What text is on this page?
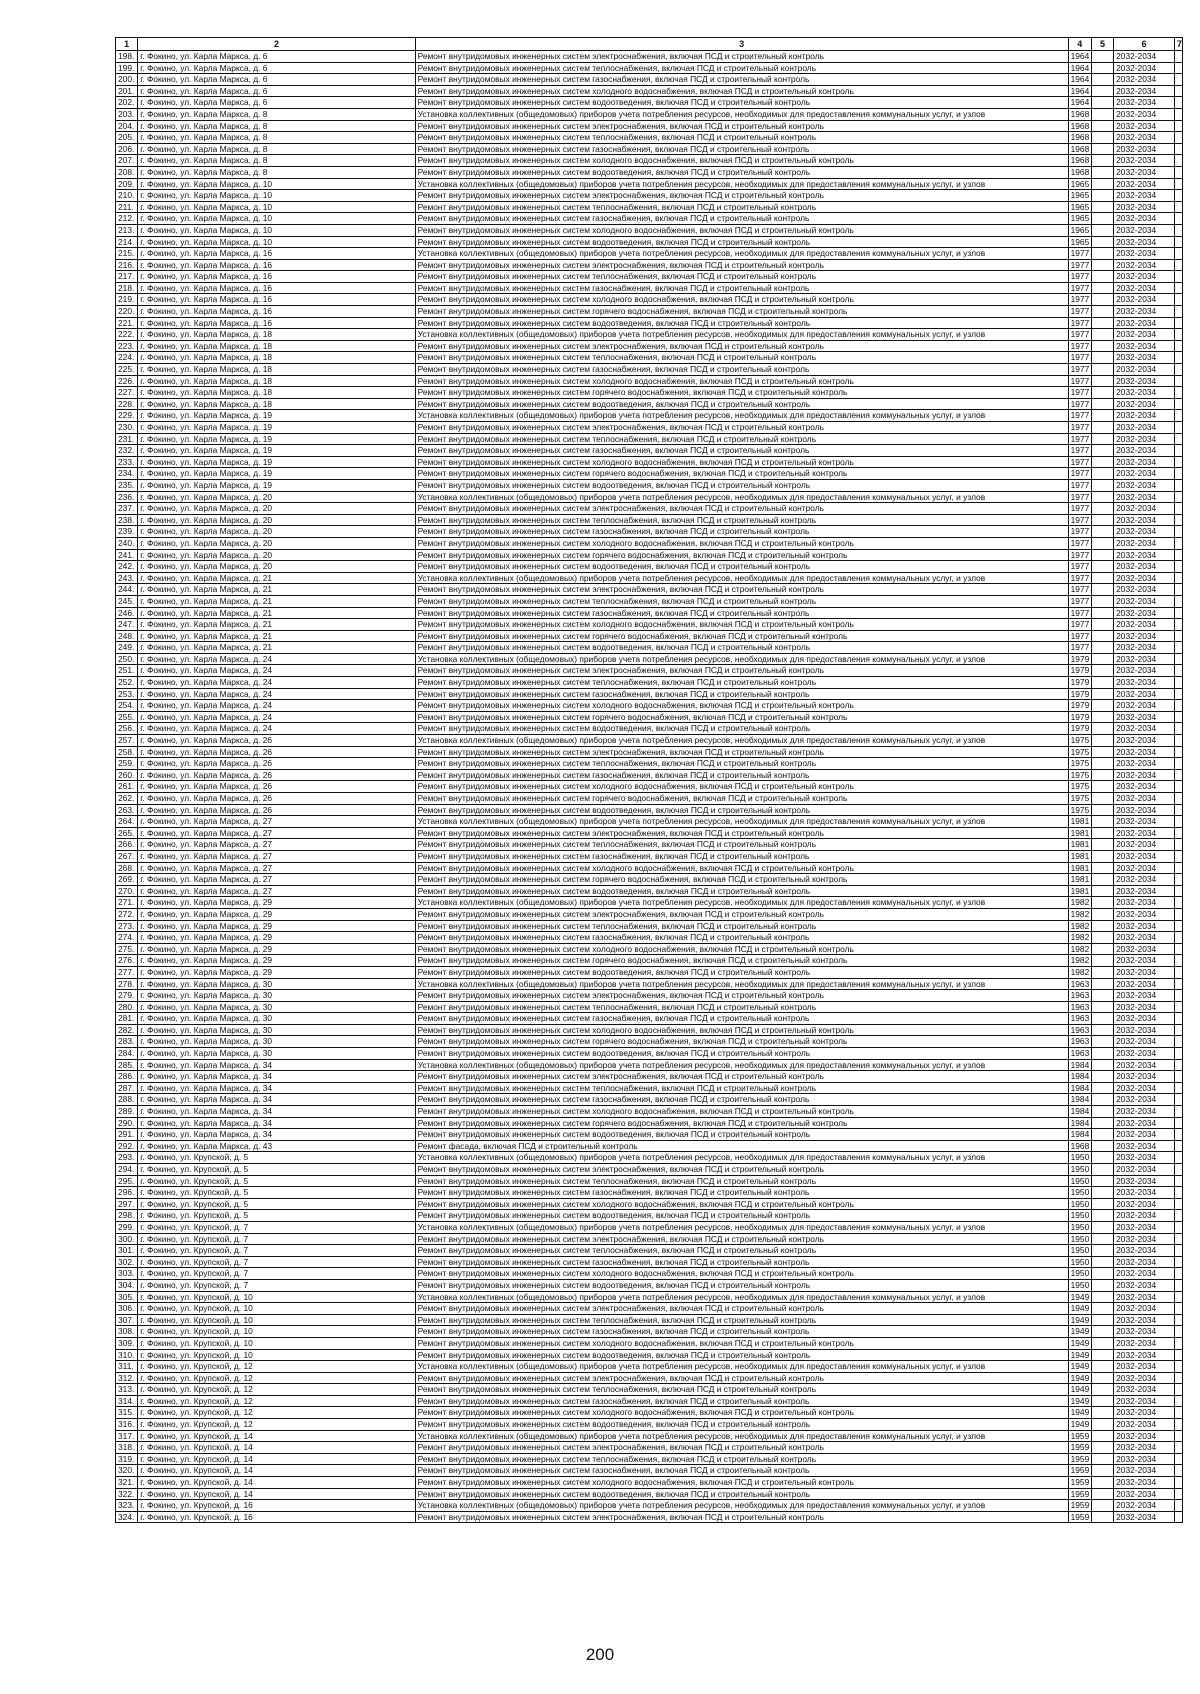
1	2	3	4	5	6	7
198.	г. Фокино, ул. Карла Маркса, д. 6	Ремонт внутридомовых инженерных систем электроснабжения, включая ПСД и строительный контроль	1964		2032-2034	
199.	г. Фокино, ул. Карла Маркса, д. 6	Ремонт внутридомовых инженерных систем теплоснабжения, включая ПСД и строительный контроль	1964		2032-2034	
200.	г. Фокино, ул. Карла Маркса, д. 6	Ремонт внутридомовых инженерных систем газоснабжения, включая ПСД и строительный контроль	1964		2032-2034	
201.	г. Фокино, ул. Карла Маркса, д. 6	Ремонт внутридомовых инженерных систем холодного водоснабжения, включая ПСД и строительный контроль	1964		2032-2034	
202.	г. Фокино, ул. Карла Маркса, д. 6	Ремонт внутридомовых инженерных систем водоотведения, включая ПСД и строительный контроль	1964		2032-2034	
203.	г. Фокино, ул. Карла Маркса, д. 8	Установка коллективных (общедомовых) приборов учета потребления ресурсов, необходимых для предоставления коммунальных услуг, и узлов	1968		2032-2034	
204.	г. Фокино, ул. Карла Маркса, д. 8	Ремонт внутридомовых инженерных систем электроснабжения, включая ПСД и строительный контроль	1968		2032-2034	
205.	г. Фокино, ул. Карла Маркса, д. 8	Ремонт внутридомовых инженерных систем теплоснабжения, включая ПСД и строительный контроль	1968		2032-2034	
206.	г. Фокино, ул. Карла Маркса, д. 8	Ремонт внутридомовых инженерных систем газоснабжения, включая ПСД и строительный контроль	1968		2032-2034	
207.	г. Фокино, ул. Карла Маркса, д. 8	Ремонт внутридомовых инженерных систем холодного водоснабжения, включая ПСД и строительный контроль	1968		2032-2034	
208.	г. Фокино, ул. Карла Маркса, д. 8	Ремонт внутридомовых инженерных систем водоотведения, включая ПСД и строительный контроль	1968		2032-2034	
209.	г. Фокино, ул. Карла Маркса, д. 10	Установка коллективных (общедомовых) приборов учета потребления ресурсов, необходимых для предоставления коммунальных услуг, и узлов	1965		2032-2034	
210.	г. Фокино, ул. Карла Маркса, д. 10	Ремонт внутридомовых инженерных систем электроснабжения, включая ПСД и строительный контроль	1965		2032-2034	
211.	г. Фокино, ул. Карла Маркса, д. 10	Ремонт внутридомовых инженерных систем теплоснабжения, включая ПСД и строительный контроль	1965		2032-2034	
212.	г. Фокино, ул. Карла Маркса, д. 10	Ремонт внутридомовых инженерных систем газоснабжения, включая ПСД и строительный контроль	1965		2032-2034	
213.	г. Фокино, ул. Карла Маркса, д. 10	Ремонт внутридомовых инженерных систем холодного водоснабжения, включая ПСД и строительный контроль	1965		2032-2034	
214.	г. Фокино, ул. Карла Маркса, д. 10	Ремонт внутридомовых инженерных систем водоотведения, включая ПСД и строительный контроль	1965		2032-2034	
215.	г. Фокино, ул. Карла Маркса, д. 16	Установка коллективных (общедомовых) приборов учета потребления ресурсов, необходимых для предоставления коммунальных услуг, и узлов	1977		2032-2034	
216.	г. Фокино, ул. Карла Маркса, д. 16	Ремонт внутридомовых инженерных систем электроснабжения, включая ПСД и строительный контроль	1977		2032-2034	
217.	г. Фокино, ул. Карла Маркса, д. 16	Ремонт внутридомовых инженерных систем теплоснабжения, включая ПСД и строительный контроль	1977		2032-2034	
218.	г. Фокино, ул. Карла Маркса, д. 16	Ремонт внутридомовых инженерных систем газоснабжения, включая ПСД и строительный контроль	1977		2032-2034	
219.	г. Фокино, ул. Карла Маркса, д. 16	Ремонт внутридомовых инженерных систем холодного водоснабжения, включая ПСД и строительный контроль	1977		2032-2034	
220.	г. Фокино, ул. Карла Маркса, д. 16	Ремонт внутридомовых инженерных систем горячего водоснабжения, включая ПСД и строительный контроль	1977		2032-2034	
221.	г. Фокино, ул. Карла Маркса, д. 16	Ремонт внутридомовых инженерных систем водоотведения, включая ПСД и строительный контроль	1977		2032-2034	
222.	г. Фокино, ул. Карла Маркса, д. 18	Установка коллективных (общедомовых) приборов учета потребления ресурсов, необходимых для предоставления коммунальных услуг, и узлов	1977		2032-2034	
223.	г. Фокино, ул. Карла Маркса, д. 18	Ремонт внутридомовых инженерных систем электроснабжения, включая ПСД и строительный контроль	1977		2032-2034	
224.	г. Фокино, ул. Карла Маркса, д. 18	Ремонт внутридомовых инженерных систем теплоснабжения, включая ПСД и строительный контроль	1977		2032-2034	
225.	г. Фокино, ул. Карла Маркса, д. 18	Ремонт внутридомовых инженерных систем газоснабжения, включая ПСД и строительный контроль	1977		2032-2034	
226.	г. Фокино, ул. Карла Маркса, д. 18	Ремонт внутридомовых инженерных систем холодного водоснабжения, включая ПСД и строительный контроль	1977		2032-2034	
227.	г. Фокино, ул. Карла Маркса, д. 18	Ремонт внутридомовых инженерных систем горячего водоснабжения, включая ПСД и строительный контроль	1977		2032-2034	
228.	г. Фокино, ул. Карла Маркса, д. 18	Ремонт внутридомовых инженерных систем водоотведения, включая ПСД и строительный контроль	1977		2032-2034	
229.	г. Фокино, ул. Карла Маркса, д. 19	Установка коллективных (общедомовых) приборов учета потребления ресурсов, необходимых для предоставления коммунальных услуг, и узлов	1977		2032-2034	
230.	г. Фокино, ул. Карла Маркса, д. 19	Ремонт внутридомовых инженерных систем электроснабжения, включая ПСД и строительный контроль	1977		2032-2034	
231.	г. Фокино, ул. Карла Маркса, д. 19	Ремонт внутридомовых инженерных систем теплоснабжения, включая ПСД и строительный контроль	1977		2032-2034	
232.	г. Фокино, ул. Карла Маркса, д. 19	Ремонт внутридомовых инженерных систем газоснабжения, включая ПСД и строительный контроль	1977		2032-2034	
233.	г. Фокино, ул. Карла Маркса, д. 19	Ремонт внутридомовых инженерных систем холодного водоснабжения, включая ПСД и строительный контроль	1977		2032-2034	
234.	г. Фокино, ул. Карла Маркса, д. 19	Ремонт внутридомовых инженерных систем горячего водоснабжения, включая ПСД и строительный контроль	1977		2032-2034	
235.	г. Фокино, ул. Карла Маркса, д. 19	Ремонт внутридомовых инженерных систем водоотведения, включая ПСД и строительный контроль	1977		2032-2034	
236.	г. Фокино, ул. Карла Маркса, д. 20	Установка коллективных (общедомовых) приборов учета потребления ресурсов, необходимых для предоставления коммунальных услуг, и узлов	1977		2032-2034	
237.	г. Фокино, ул. Карла Маркса, д. 20	Ремонт внутридомовых инженерных систем электроснабжения, включая ПСД и строительный контроль	1977		2032-2034	
238.	г. Фокино, ул. Карла Маркса, д. 20	Ремонт внутридомовых инженерных систем теплоснабжения, включая ПСД и строительный контроль	1977		2032-2034	
239.	г. Фокино, ул. Карла Маркса, д. 20	Ремонт внутридомовых инженерных систем газоснабжения, включая ПСД и строительный контроль	1977		2032-2034	
240.	г. Фокино, ул. Карла Маркса, д. 20	Ремонт внутридомовых инженерных систем холодного водоснабжения, включая ПСД и строительный контроль	1977		2032-2034	
241.	г. Фокино, ул. Карла Маркса, д. 20	Ремонт внутридомовых инженерных систем горячего водоснабжения, включая ПСД и строительный контроль	1977		2032-2034	
242.	г. Фокино, ул. Карла Маркса, д. 20	Ремонт внутридомовых инженерных систем водоотведения, включая ПСД и строительный контроль	1977		2032-2034	
243.	г. Фокино, ул. Карла Маркса, д. 21	Установка коллективных (общедомовых) приборов учета потребления ресурсов, необходимых для предоставления коммунальных услуг, и узлов	1977		2032-2034	
244.	г. Фокино, ул. Карла Маркса, д. 21	Ремонт внутридомовых инженерных систем электроснабжения, включая ПСД и строительный контроль	1977		2032-2034	
245.	г. Фокино, ул. Карла Маркса, д. 21	Ремонт внутридомовых инженерных систем теплоснабжения, включая ПСД и строительный контроль	1977		2032-2034	
246.	г. Фокино, ул. Карла Маркса, д. 21	Ремонт внутридомовых инженерных систем газоснабжения, включая ПСД и строительный контроль	1977		2032-2034	
247.	г. Фокино, ул. Карла Маркса, д. 21	Ремонт внутридомовых инженерных систем холодного водоснабжения, включая ПСД и строительный контроль	1977		2032-2034	
248.	г. Фокино, ул. Карла Маркса, д. 21	Ремонт внутридомовых инженерных систем горячего водоснабжения, включая ПСД и строительный контроль	1977		2032-2034	
249.	г. Фокино, ул. Карла Маркса, д. 21	Ремонт внутридомовых инженерных систем водоотведения, включая ПСД и строительный контроль	1977		2032-2034	
250.	г. Фокино, ул. Карла Маркса, д. 24	Установка коллективных (общедомовых) приборов учета потребления ресурсов, необходимых для предоставления коммунальных услуг, и узлов	1979		2032-2034	
251.	г. Фокино, ул. Карла Маркса, д. 24	Ремонт внутридомовых инженерных систем электроснабжения, включая ПСД и строительный контроль	1979		2032-2034	
252.	г. Фокино, ул. Карла Маркса, д. 24	Ремонт внутридомовых инженерных систем теплоснабжения, включая ПСД и строительный контроль	1979		2032-2034	
253.	г. Фокино, ул. Карла Маркса, д. 24	Ремонт внутридомовых инженерных систем газоснабжения, включая ПСД и строительный контроль	1979		2032-2034	
254.	г. Фокино, ул. Карла Маркса, д. 24	Ремонт внутридомовых инженерных систем холодного водоснабжения, включая ПСД и строительный контроль	1979		2032-2034	
255.	г. Фокино, ул. Карла Маркса, д. 24	Ремонт внутридомовых инженерных систем горячего водоснабжения, включая ПСД и строительный контроль	1979		2032-2034	
256.	г. Фокино, ул. Карла Маркса, д. 24	Ремонт внутридомовых инженерных систем водоотведения, включая ПСД и строительный контроль	1979		2032-2034	
257.	г. Фокино, ул. Карла Маркса, д. 26	Установка коллективных (общедомовых) приборов учета потребления ресурсов, необходимых для предоставления коммунальных услуг, и узлов	1975		2032-2034	
258.	г. Фокино, ул. Карла Маркса, д. 26	Ремонт внутридомовых инженерных систем электроснабжения, включая ПСД и строительный контроль	1975		2032-2034	
259.	г. Фокино, ул. Карла Маркса, д. 26	Ремонт внутридомовых инженерных систем теплоснабжения, включая ПСД и строительный контроль	1975		2032-2034	
260.	г. Фокино, ул. Карла Маркса, д. 26	Ремонт внутридомовых инженерных систем газоснабжения, включая ПСД и строительный контроль	1975		2032-2034	
261.	г. Фокино, ул. Карла Маркса, д. 26	Ремонт внутридомовых инженерных систем холодного водоснабжения, включая ПСД и строительный контроль	1975		2032-2034	
262.	г. Фокино, ул. Карла Маркса, д. 26	Ремонт внутридомовых инженерных систем горячего водоснабжения, включая ПСД и строительный контроль	1975		2032-2034	
263.	г. Фокино, ул. Карла Маркса, д. 26	Ремонт внутридомовых инженерных систем водоотведения, включая ПСД и строительный контроль	1975		2032-2034	
264.	г. Фокино, ул. Карла Маркса, д. 27	Установка коллективных (общедомовых) приборов учета потребления ресурсов, необходимых для предоставления коммунальных услуг, и узлов	1981		2032-2034	
265.	г. Фокино, ул. Карла Маркса, д. 27	Ремонт внутридомовых инженерных систем электроснабжения, включая ПСД и строительный контроль	1981		2032-2034	
266.	г. Фокино, ул. Карла Маркса, д. 27	Ремонт внутридомовых инженерных систем теплоснабжения, включая ПСД и строительный контроль	1981		2032-2034	
267.	г. Фокино, ул. Карла Маркса, д. 27	Ремонт внутридомовых инженерных систем газоснабжения, включая ПСД и строительный контроль	1981		2032-2034	
268.	г. Фокино, ул. Карла Маркса, д. 27	Ремонт внутридомовых инженерных систем холодного водоснабжения, включая ПСД и строительный контроль	1981		2032-2034	
269.	г. Фокино, ул. Карла Маркса, д. 27	Ремонт внутридомовых инженерных систем горячего водоснабжения, включая ПСД и строительный контроль	1981		2032-2034	
270.	г. Фокино, ул. Карла Маркса, д. 27	Ремонт внутридомовых инженерных систем водоотведения, включая ПСД и строительный контроль	1981		2032-2034	
271.	г. Фокино, ул. Карла Маркса, д. 29	Установка коллективных (общедомовых) приборов учета потребления ресурсов, необходимых для предоставления коммунальных услуг, и узлов	1982		2032-2034	
272.	г. Фокино, ул. Карла Маркса, д. 29	Ремонт внутридомовых инженерных систем электроснабжения, включая ПСД и строительный контроль	1982		2032-2034	
273.	г. Фокино, ул. Карла Маркса, д. 29	Ремонт внутридомовых инженерных систем теплоснабжения, включая ПСД и строительный контроль	1982		2032-2034	
274.	г. Фокино, ул. Карла Маркса, д. 29	Ремонт внутридомовых инженерных систем газоснабжения, включая ПСД и строительный контроль	1982		2032-2034	
275.	г. Фокино, ул. Карла Маркса, д. 29	Ремонт внутридомовых инженерных систем холодного водоснабжения, включая ПСД и строительный контроль	1982		2032-2034	
276.	г. Фокино, ул. Карла Маркса, д. 29	Ремонт внутридомовых инженерных систем горячего водоснабжения, включая ПСД и строительный контроль	1982		2032-2034	
277.	г. Фокино, ул. Карла Маркса, д. 29	Ремонт внутридомовых инженерных систем водоотведения, включая ПСД и строительный контроль	1982		2032-2034	
278.	г. Фокино, ул. Карла Маркса, д. 30	Установка коллективных (общедомовых) приборов учета потребления ресурсов, необходимых для предоставления коммунальных услуг, и узлов	1963		2032-2034	
279.	г. Фокино, ул. Карла Маркса, д. 30	Ремонт внутридомовых инженерных систем электроснабжения, включая ПСД и строительный контроль	1963		2032-2034	
280.	г. Фокино, ул. Карла Маркса, д. 30	Ремонт внутридомовых инженерных систем теплоснабжения, включая ПСД и строительный контроль	1963		2032-2034	
281.	г. Фокино, ул. Карла Маркса, д. 30	Ремонт внутридомовых инженерных систем газоснабжения, включая ПСД и строительный контроль	1963		2032-2034	
282.	г. Фокино, ул. Карла Маркса, д. 30	Ремонт внутридомовых инженерных систем холодного водоснабжения, включая ПСД и строительный контроль	1963		2032-2034	
283.	г. Фокино, ул. Карла Маркса, д. 30	Ремонт внутридомовых инженерных систем горячего водоснабжения, включая ПСД и строительный контроль	1963		2032-2034	
284.	г. Фокино, ул. Карла Маркса, д. 30	Ремонт внутридомовых инженерных систем водоотведения, включая ПСД и строительный контроль	1963		2032-2034	
285.	г. Фокино, ул. Карла Маркса, д. 34	Установка коллективных (общедомовых) приборов учета потребления ресурсов, необходимых для предоставления коммунальных услуг, и узлов	1984		2032-2034	
286.	г. Фокино, ул. Карла Маркса, д. 34	Ремонт внутридомовых инженерных систем электроснабжения, включая ПСД и строительный контроль	1984		2032-2034	
287.	г. Фокино, ул. Карла Маркса, д. 34	Ремонт внутридомовых инженерных систем теплоснабжения, включая ПСД и строительный контроль	1984		2032-2034	
288.	г. Фокино, ул. Карла Маркса, д. 34	Ремонт внутридомовых инженерных систем газоснабжения, включая ПСД и строительный контроль	1984		2032-2034	
289.	г. Фокино, ул. Карла Маркса, д. 34	Ремонт внутридомовых инженерных систем холодного водоснабжения, включая ПСД и строительный контроль	1984		2032-2034	
290.	г. Фокино, ул. Карла Маркса, д. 34	Ремонт внутридомовых инженерных систем горячего водоснабжения, включая ПСД и строительный контроль	1984		2032-2034	
291.	г. Фокино, ул. Карла Маркса, д. 34	Ремонт внутридомовых инженерных систем водоотведения, включая ПСД и строительный контроль	1984		2032-2034	
292.	г. Фокино, ул. Карла Маркса, д. 43	Ремонт фасада, включая ПСД и строительный контроль	1968		2032-2034	
293.	г. Фокино, ул. Крупской, д. 5	Установка коллективных (общедомовых) приборов учета потребления ресурсов, необходимых для предоставления коммунальных услуг, и узлов	1950		2032-2034	
294.	г. Фокино, ул. Крупской, д. 5	Ремонт внутридомовых инженерных систем электроснабжения, включая ПСД и строительный контроль	1950		2032-2034	
295.	г. Фокино, ул. Крупской, д. 5	Ремонт внутридомовых инженерных систем теплоснабжения, включая ПСД и строительный контроль	1950		2032-2034	
296.	г. Фокино, ул. Крупской, д. 5	Ремонт внутридомовых инженерных систем газоснабжения, включая ПСД и строительный контроль	1950		2032-2034	
297.	г. Фокино, ул. Крупской, д. 5	Ремонт внутридомовых инженерных систем холодного водоснабжения, включая ПСД и строительный контроль	1950		2032-2034	
298.	г. Фокино, ул. Крупской, д. 5	Ремонт внутридомовых инженерных систем водоотведения, включая ПСД и строительный контроль	1950		2032-2034	
299.	г. Фокино, ул. Крупской, д. 7	Установка коллективных (общедомовых) приборов учета потребления ресурсов, необходимых для предоставления коммунальных услуг, и узлов	1950		2032-2034	
300.	г. Фокино, ул. Крупской, д. 7	Ремонт внутридомовых инженерных систем электроснабжения, включая ПСД и строительный контроль	1950		2032-2034	
301.	г. Фокино, ул. Крупской, д. 7	Ремонт внутридомовых инженерных систем теплоснабжения, включая ПСД и строительный контроль	1950		2032-2034	
302.	г. Фокино, ул. Крупской, д. 7	Ремонт внутридомовых инженерных систем газоснабжения, включая ПСД и строительный контроль	1950		2032-2034	
303.	г. Фокино, ул. Крупской, д. 7	Ремонт внутридомовых инженерных систем холодного водоснабжения, включая ПСД и строительный контроль	1950		2032-2034	
304.	г. Фокино, ул. Крупской, д. 7	Ремонт внутридомовых инженерных систем водоотведения, включая ПСД и строительный контроль	1950		2032-2034	
305.	г. Фокино, ул. Крупской, д. 10	Установка коллективных (общедомовых) приборов учета потребления ресурсов, необходимых для предоставления коммунальных услуг, и узлов	1949		2032-2034	
306.	г. Фокино, ул. Крупской, д. 10	Ремонт внутридомовых инженерных систем электроснабжения, включая ПСД и строительный контроль	1949		2032-2034	
307.	г. Фокино, ул. Крупской, д. 10	Ремонт внутридомовых инженерных систем теплоснабжения, включая ПСД и строительный контроль	1949		2032-2034	
308.	г. Фокино, ул. Крупской, д. 10	Ремонт внутридомовых инженерных систем газоснабжения, включая ПСД и строительный контроль	1949		2032-2034	
309.	г. Фокино, ул. Крупской, д. 10	Ремонт внутридомовых инженерных систем холодного водоснабжения, включая ПСД и строительный контроль	1949		2032-2034	
310.	г. Фокино, ул. Крупской, д. 10	Ремонт внутридомовых инженерных систем водоотведения, включая ПСД и строительный контроль	1949		2032-2034	
311.	г. Фокино, ул. Крупской, д. 12	Установка коллективных (общедомовых) приборов учета потребления ресурсов, необходимых для предоставления коммунальных услуг, и узлов	1949		2032-2034	
312.	г. Фокино, ул. Крупской, д. 12	Ремонт внутридомовых инженерных систем электроснабжения, включая ПСД и строительный контроль	1949		2032-2034	
313.	г. Фокино, ул. Крупской, д. 12	Ремонт внутридомовых инженерных систем теплоснабжения, включая ПСД и строительный контроль	1949		2032-2034	
314.	г. Фокино, ул. Крупской, д. 12	Ремонт внутридомовых инженерных систем газоснабжения, включая ПСД и строительный контроль	1949		2032-2034	
315.	г. Фокино, ул. Крупской, д. 12	Ремонт внутридомовых инженерных систем холодного водоснабжения, включая ПСД и строительный контроль	1949		2032-2034	
316.	г. Фокино, ул. Крупской, д. 12	Ремонт внутридомовых инженерных систем водоотведения, включая ПСД и строительный контроль	1949		2032-2034	
317.	г. Фокино, ул. Крупской, д. 14	Установка коллективных (общедомовых) приборов учета потребления ресурсов, необходимых для предоставления коммунальных услуг, и узлов	1959		2032-2034	
318.	г. Фокино, ул. Крупской, д. 14	Ремонт внутридомовых инженерных систем электроснабжения, включая ПСД и строительный контроль	1959		2032-2034	
319.	г. Фокино, ул. Крупской, д. 14	Ремонт внутридомовых инженерных систем теплоснабжения, включая ПСД и строительный контроль	1959		2032-2034	
320.	г. Фокино, ул. Крупской, д. 14	Ремонт внутридомовых инженерных систем газоснабжения, включая ПСД и строительный контроль	1959		2032-2034	
321.	г. Фокино, ул. Крупской, д. 14	Ремонт внутридомовых инженерных систем холодного водоснабжения, включая ПСД и строительный контроль	1959		2032-2034	
322.	г. Фокино, ул. Крупской, д. 14	Ремонт внутридомовых инженерных систем водоотведения, включая ПСД и строительный контроль	1959		2032-2034	
323.	г. Фокино, ул. Крупской, д. 16	Установка коллективных (общедомовых) приборов учета потребления ресурсов, необходимых для предоставления коммунальных услуг, и узлов	1959		2032-2034	
324.	г. Фокино, ул. Крупской, д. 16	Ремонт внутридомовых инженерных систем электроснабжения, включая ПСД и строительный контроль	1959		2032-2034	
200
